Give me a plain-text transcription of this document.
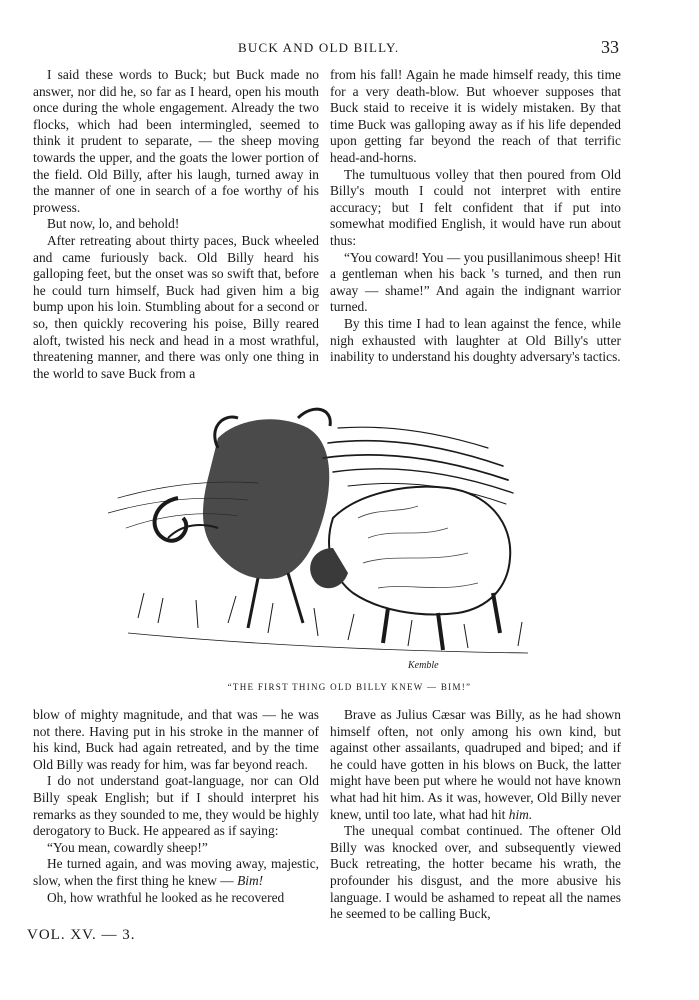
BUCK AND OLD BILLY.	33

I said these words to Buck; but Buck made no answer, nor did he, so far as I heard, open his mouth once during the whole engagement. Already the two flocks, which had been intermingled, seemed to think it prudent to separate, — the sheep moving towards the upper, and the goats the lower portion of the field. Old Billy, after his laugh, turned away in the manner of one in search of a foe worthy of his prowess.

But now, lo, and behold!

After retreating about thirty paces, Buck wheeled and came furiously back. Old Billy heard his galloping feet, but the onset was so swift that, before he could turn himself, Buck had given him a big bump upon his loin. Stumbling about for a second or so, then quickly recovering his poise, Billy reared aloft, twisted his neck and head in a most wrathful, threatening manner, and there was only one thing in the world to save Buck from a

from his fall! Again he made himself ready, this time for a very death-blow. But whoever supposes that Buck staid to receive it is widely mistaken. By that time Buck was galloping away as if his life depended upon getting far beyond the reach of that terrific head-and-horns.

The tumultuous volley that then poured from Old Billy's mouth I could not interpret with entire accuracy; but I felt confident that if put into somewhat modified English, it would have run about thus:

“You coward! You — you pusillanimous sheep! Hit a gentleman when his back 's turned, and then run away — shame!” And again the indignant warrior turned.

By this time I had to lean against the fence, while nigh exhausted with laughter at Old Billy's utter inability to understand his doughty adversary's tactics.

Kemble
“THE FIRST THING OLD BILLY KNEW — BIM!”

blow of mighty magnitude, and that was — he was not there. Having put in his stroke in the manner of his kind, Buck had again retreated, and by the time Old Billy was ready for him, was far beyond reach.

I do not understand goat-language, nor can Old Billy speak English; but if I should interpret his remarks as they sounded to me, they would be highly derogatory to Buck. He appeared as if saying:

“You mean, cowardly sheep!”

He turned again, and was moving away, majestic, slow, when the first thing he knew — Bim!

Oh, how wrathful he looked as he recovered

Brave as Julius Cæsar was Billy, as he had shown himself often, not only among his own kind, but against other assailants, quadruped and biped; and if he could have gotten in his blows on Buck, the latter might have been put where he would not have known what had hit him. As it was, however, Old Billy never knew, until too late, what had hit him.

The unequal combat continued. The oftener Old Billy was knocked over, and subsequently viewed Buck retreating, the hotter became his wrath, the profounder his disgust, and the more abusive his language. I would be ashamed to repeat all the names he seemed to be calling Buck,

VOL. XV. — 3.
